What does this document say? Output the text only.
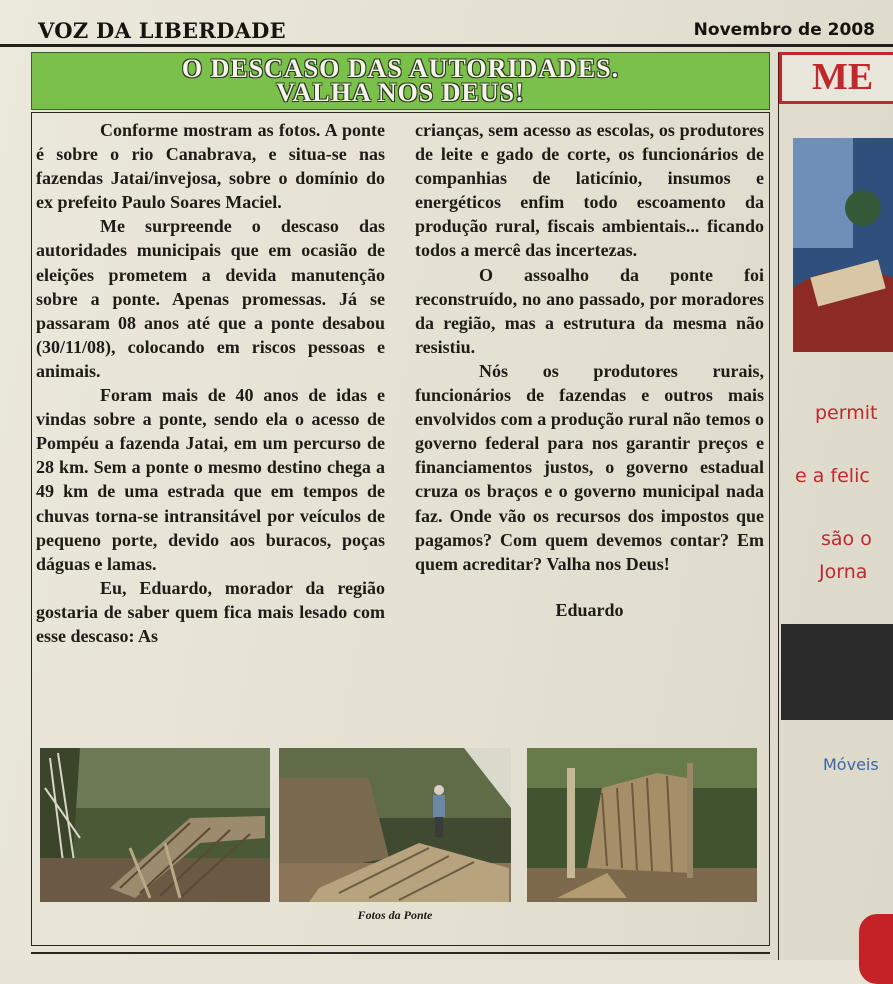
VOZ DA LIBERDADE	Novembro de 2008
O DESCASO DAS AUTORIDADES.
VALHA NOS DEUS!

Conforme mostram as fotos. A ponte é sobre o rio Canabrava, e situa-se nas fazendas Jatai/invejosa, sobre o domínio do ex prefeito Paulo Soares Maciel.

Me surpreende o descaso das autoridades municipais que em ocasião de eleições prometem a devida manutenção sobre a ponte. Apenas promessas. Já se passaram 08 anos até que a ponte desabou (30/11/08), colocando em riscos pessoas e animais.

Foram mais de 40 anos de idas e vindas sobre a ponte, sendo ela o acesso de Pompéu a fazenda Jatai, em um percurso de 28 km. Sem a ponte o mesmo destino chega a 49 km de uma estrada que em tempos de chuvas torna-se intransitável por veículos de pequeno porte, devido aos buracos, poças dáguas e lamas.

Eu, Eduardo, morador da região gostaria de saber quem fica mais lesado com esse descaso: As

crianças, sem acesso as escolas, os produtores de leite e gado de corte, os funcionários de companhias de laticínio, insumos e energéticos enfim todo escoamento da produção rural, fiscais ambientais... ficando todos a mercê das incertezas.

O assoalho da ponte foi reconstruído, no ano passado, por moradores da região, mas a estrutura da mesma não resistiu.

Nós os produtores rurais, funcionários de fazendas e outros mais envolvidos com a produção rural não temos o governo federal para nos garantir preços e financiamentos justos, o governo estadual cruza os braços e o governo municipal nada faz. Onde vão os recursos dos impostos que pagamos? Com quem devemos contar? Em quem acreditar? Valha nos Deus!

Eduardo

Fotos da Ponte
ME
permit
e a felic
são o
Jorna
Móveis
